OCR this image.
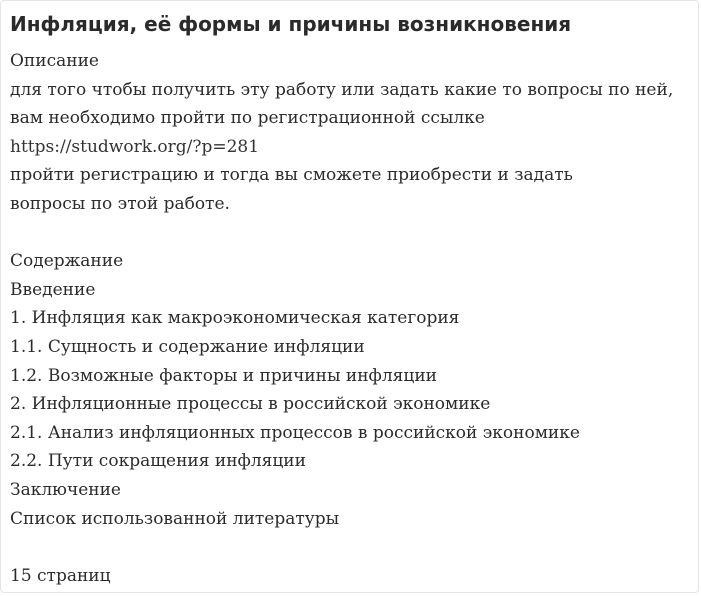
Инфляция, её формы и причины возникновения
Описание
для того чтобы получить эту работу или задать какие то вопросы по ней, вам необходимо пройти по регистрационной ссылке
https://studwork.org/?p=281
пройти регистрацию и тогда вы сможете приобрести и задать вопросы по этой работе.
Содержание
Введение
1. Инфляция как макроэкономическая категория
1.1. Сущность и содержание инфляции
1.2. Возможные факторы и причины инфляции
2. Инфляционные процессы в российской экономике
2.1. Анализ инфляционных процессов в российской экономике
2.2. Пути сокращения инфляции
Заключение
Список использованной литературы
15 страниц
